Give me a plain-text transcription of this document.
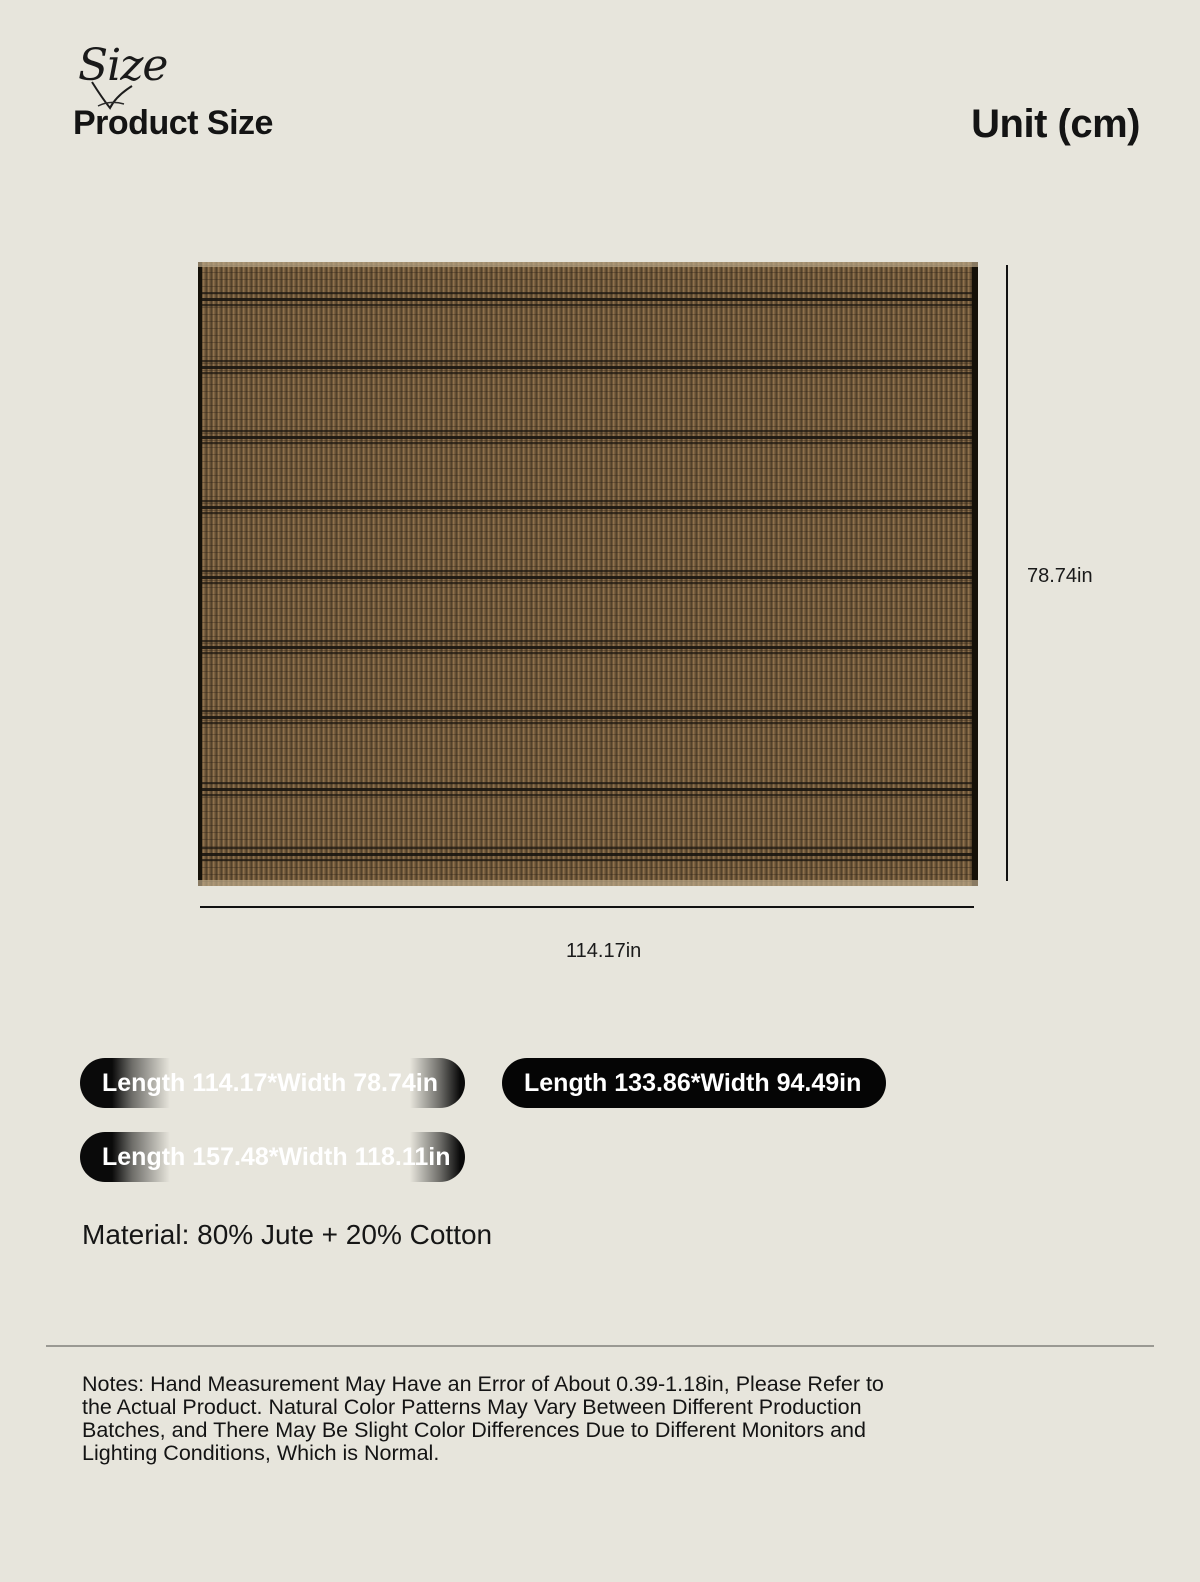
Size
Product Size	Unit (cm)
78.74in
114.17in
Length 114.17*Width 78.74in	Length 133.86*Width 94.49in
Length 157.48*Width 118.11in
Material: 80% Jute + 20% Cotton
Notes: Hand Measurement May Have an Error of About 0.39-1.18in, Please Refer to the Actual Product. Natural Color Patterns May Vary Between Different Production Batches, and There May Be Slight Color Differences Due to Different Monitors and Lighting Conditions, Which is Normal.
